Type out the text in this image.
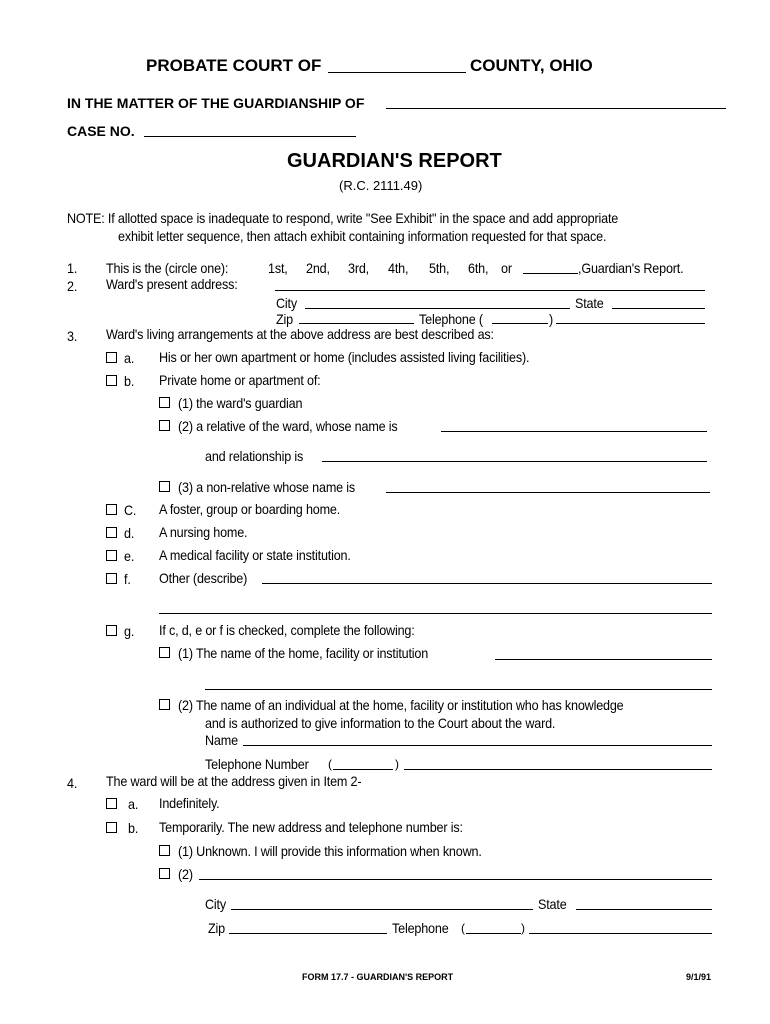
PROBATE COURT OF	COUNTY, OHIO
IN THE MATTER OF THE GUARDIANSHIP OF
CASE NO.
GUARDIAN'S REPORT
(R.C. 2111.49)
NOTE: If allotted space is inadequate to respond, write ''See Exhibit" in the space and add appropriate
exhibit letter sequence, then attach exhibit containing information requested for that space.
1. This is the (circle one):	1st, 2nd, 3rd, 4th, 5th, 6th, or	,Guardian's Report.
2. Ward's present address:
City	State
Zip	Telephone (	)
3. Ward's living arrangements at the above address are best described as:
a. His or her own apartment or home (includes assisted living facilities).
b. Private home or apartment of:
(1) the ward's guardian
(2) a relative of the ward, whose name is
and relationship is
(3) a non-relative whose name is
C. A foster, group or boarding home.
d. A nursing home.
e. A medical facility or state institution.
f. Other (describe)
g. If c, d, e or f is checked, complete the following:
(1) The name of the home, facility or institution
(2) The name of an individual at the home, facility or institution who has knowledge
and is authorized to give information to the Court about the ward.
Name
Telephone Number (	)
4. The ward will be at the address given in Item 2-
a. Indefinitely.
b. Temporarily. The new address and telephone number is:
(1) Unknown. I will provide this information when known.
(2)
City	State
Zip	Telephone (	)
FORM 17.7 - GUARDIAN'S REPORT	9/1/91
